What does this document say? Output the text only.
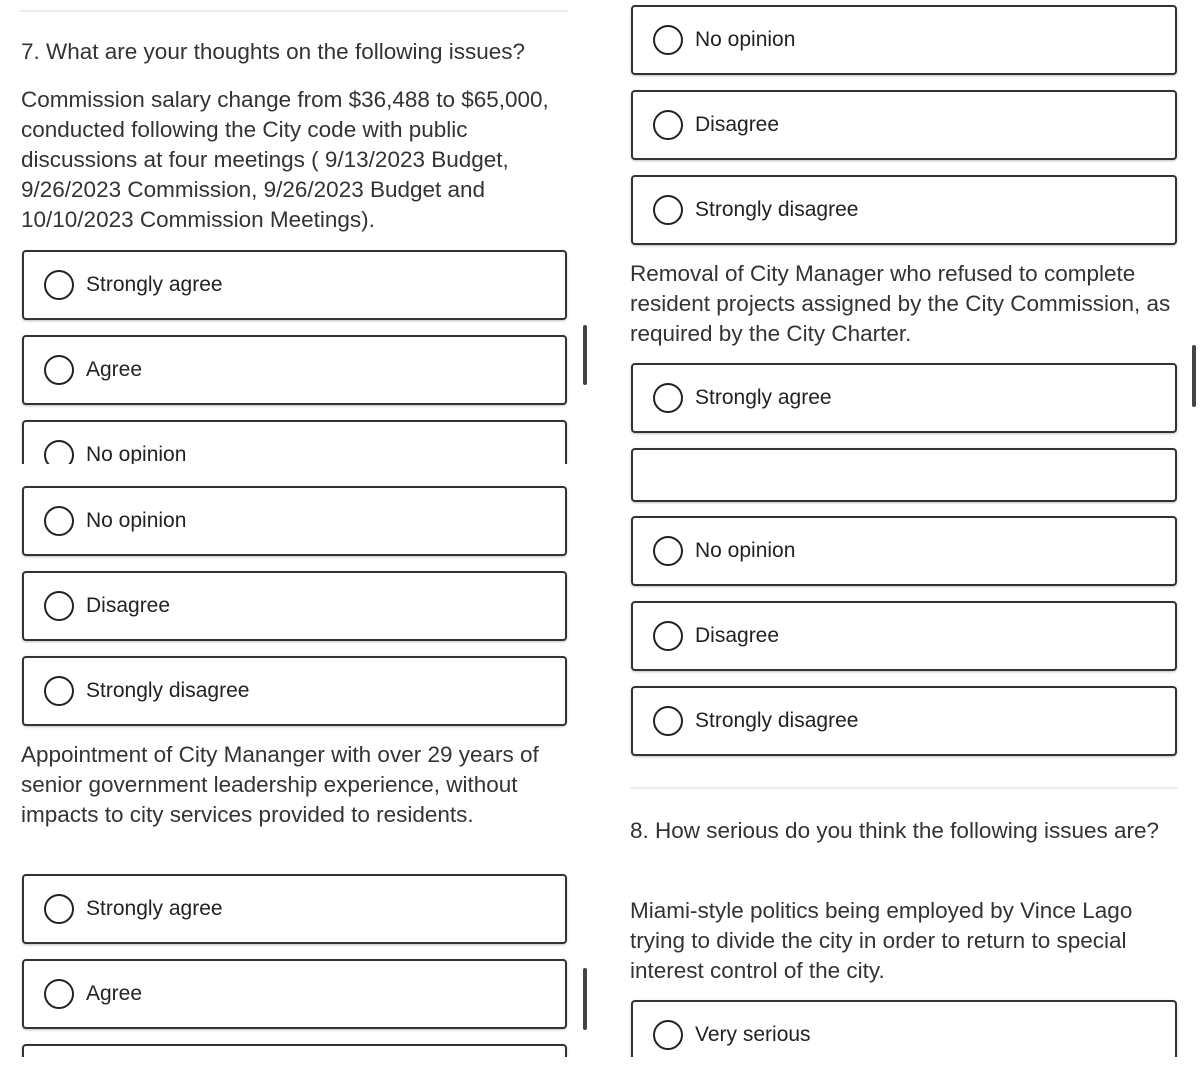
7. What are your thoughts on the following issues?

Commission salary change from $36,488 to $65,000, conducted following the City code with public discussions at four meetings ( 9/13/2023 Budget, 9/26/2023 Commission, 9/26/2023 Budget and 10/10/2023 Commission Meetings).

Strongly agree
Agree
No opinion
No opinion
Disagree
Strongly disagree

Appointment of City Mananger with over 29 years of senior government leadership experience, without impacts to city services provided to residents.

Strongly agree
Agree
No opinion
Disagree
Strongly disagree

Removal of City Manager who refused to complete resident projects assigned by the City Commission, as required by the City Charter.

Strongly agree
No opinion
Disagree
Strongly disagree
8. How serious do you think the following issues are?

Miami-style politics being employed by Vince Lago trying to divide the city in order to return to special interest control of the city.

Very serious
